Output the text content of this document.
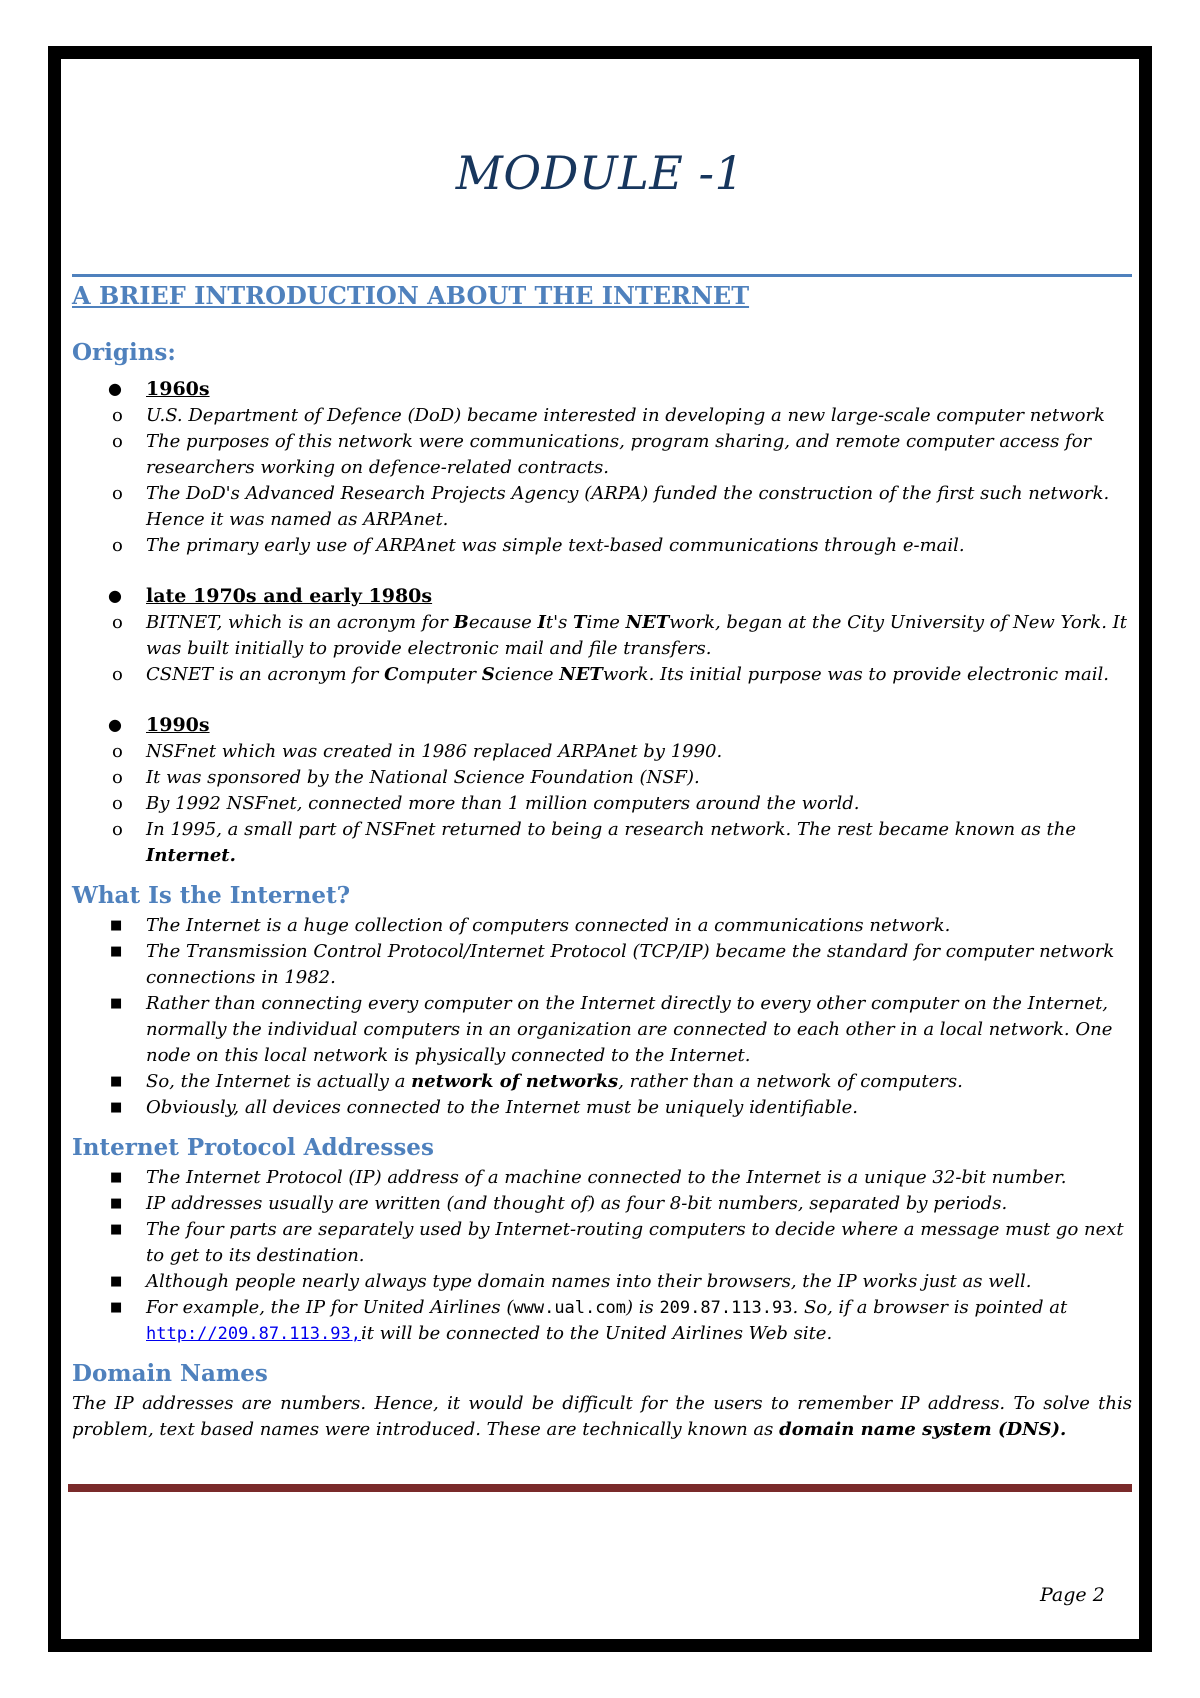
MODULE -1
A BRIEF INTRODUCTION ABOUT THE INTERNET
Origins:
● 1960s
o U.S. Department of Defence (DoD) became interested in developing a new large-scale computer network
o The purposes of this network were communications, program sharing, and remote computer access for researchers working on defence-related contracts.
o The DoD's Advanced Research Projects Agency (ARPA) funded the construction of the first such network. Hence it was named as ARPAnet.
o The primary early use of ARPAnet was simple text-based communications through e-mail.
● late 1970s and early 1980s
o BITNET, which is an acronym for Because It's Time NETwork, began at the City University of New York. It was built initially to provide electronic mail and file transfers.
o CSNET is an acronym for Computer Science NETwork. Its initial purpose was to provide electronic mail.
● 1990s
o NSFnet which was created in 1986 replaced ARPAnet by 1990.
o It was sponsored by the National Science Foundation (NSF).
o By 1992 NSFnet, connected more than 1 million computers around the world.
o In 1995, a small part of NSFnet returned to being a research network. The rest became known as the Internet.
What Is the Internet?
■ The Internet is a huge collection of computers connected in a communications network.
■ The Transmission Control Protocol/Internet Protocol (TCP/IP) became the standard for computer network connections in 1982.
■ Rather than connecting every computer on the Internet directly to every other computer on the Internet, normally the individual computers in an organization are connected to each other in a local network. One node on this local network is physically connected to the Internet.
■ So, the Internet is actually a network of networks, rather than a network of computers.
■ Obviously, all devices connected to the Internet must be uniquely identifiable.
Internet Protocol Addresses
■ The Internet Protocol (IP) address of a machine connected to the Internet is a unique 32-bit number.
■ IP addresses usually are written (and thought of) as four 8-bit numbers, separated by periods.
■ The four parts are separately used by Internet-routing computers to decide where a message must go next to get to its destination.
■ Although people nearly always type domain names into their browsers, the IP works just as well.
■ For example, the IP for United Airlines (www.ual.com) is 209.87.113.93. So, if a browser is pointed at http://209.87.113.93,it will be connected to the United Airlines Web site.
Domain Names

The IP addresses are numbers. Hence, it would be difficult for the users to remember IP address. To solve this problem, text based names were introduced. These are technically known as domain name system (DNS).

Page 2
